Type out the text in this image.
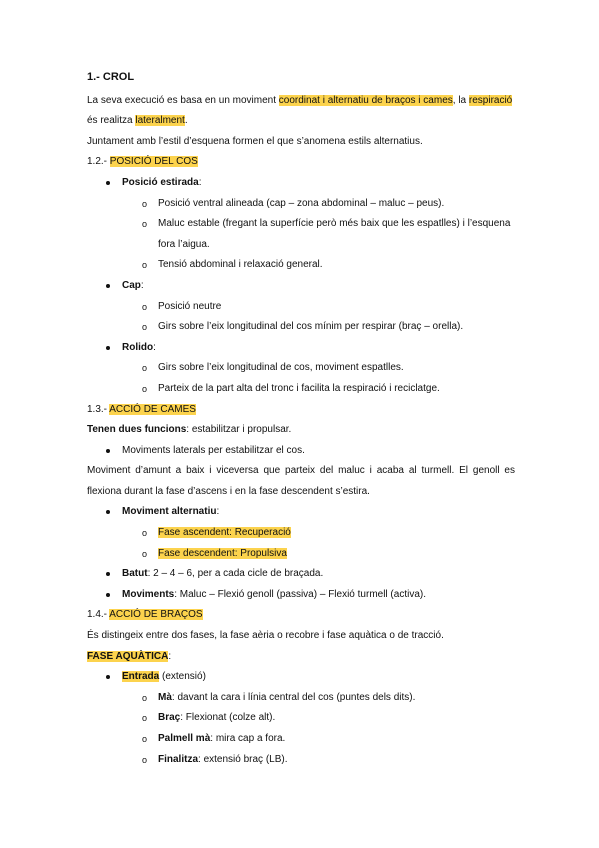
1.- CROL

La seva execució es basa en un moviment coordinat i alternatiu de braços i cames, la respiració
és realitza lateralment.

Juntament amb l’estil d’esquena formen el que s’anomena estils alternatius.

1.2.- POSICIÓ DEL COS

Posició estirada:
o Posició ventral alineada (cap – zona abdominal – maluc – peus).
o Maluc estable (fregant la superfície però més baix que les espatlles) i l’esquena fora l’aigua.
o Tensió abdominal i relaxació general.
Cap:
o Posició neutre
o Girs sobre l’eix longitudinal del cos mínim per respirar (braç – orella).
Rolido:
o Girs sobre l’eix longitudinal de cos, moviment espatlles.
o Parteix de la part alta del tronc i facilita la respiració i reciclatge.

1.3.- ACCIÓ DE CAMES

Tenen dues funcions: estabilitzar i propulsar.

Moviments laterals per estabilitzar el cos.

Moviment d’amunt a baix i viceversa que parteix del maluc i acaba al turmell. El genoll es flexiona durant la fase d’ascens i en la fase descendent s’estira.

Moviment alternatiu:
o Fase ascendent: Recuperació
o Fase descendent: Propulsiva
Batut: 2 – 4 – 6, per a cada cicle de braçada.
Moviments: Maluc – Flexió genoll (passiva) – Flexió turmell (activa).

1.4.- ACCIÓ DE BRAÇOS

És distingeix entre dos fases, la fase aèria o recobre i fase aquàtica o de tracció.

FASE AQUÀTICA:

Entrada (extensió)
o Mà: davant la cara i línia central del cos (puntes dels dits).
o Braç: Flexionat (colze alt).
o Palmell mà: mira cap a fora.
o Finalitza: extensió braç (LB).
